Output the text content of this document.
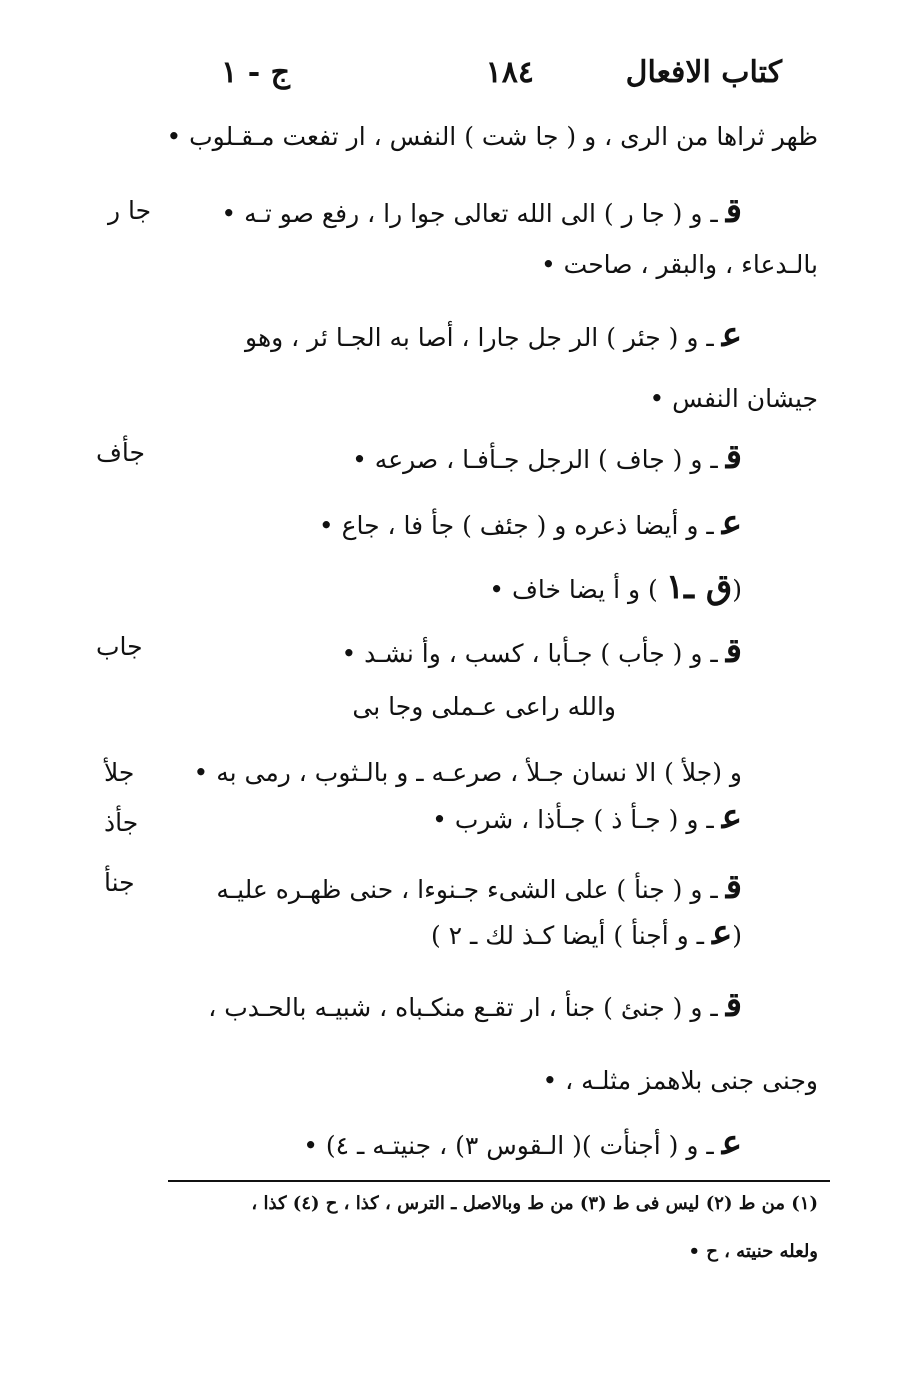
كتاب الافعال
١٨٤
ج - ١
ظهر ثراها من الرى ، و ( جا شت ) النفس ، ار تفعت مـقـلوب •
قـ و ( جا ر ) الى الله تعالى جوا را ، رفع صو تـه •
بالـدعاء ، والبقر ، صاحت •
عـ و ( جئر ) الر جل جارا ، أصا به الجـا ئر ، وهو
جيشان النفس •
قـ و ( جاف ) الرجل جـأفـا ، صرعه •
عـ و أيضا ذعره و ( جئف ) جأ فا ، جاع •
(ق ـ١) و أ يضا خاف •
قـ و ( جأب ) جـأبا ، كسب ، وأ نشـد •
والله راعى عـملى وجا بى
و (جلأ ) الا نسان جـلأ ، صرعـه ـ و بالـثوب ، رمى به •
عـ و ( جـأ ذ ) جـأذا ، شرب •
قـ و ( جنأ ) على الشىء جـنوءا ، حنى ظهـره عليـه
(عـ و أجنأ ) أيضا كـذ لك ـ ٢ )
قـ و ( جنئ ) جنأ ، ار تقـع منكـباه ، شبيـه بالحـدب ،
وجنى جنى بلاهمز مثلـه ، •
عـ و ( أجنأت )( الـقوس ٣) ، جنيتـه ـ ٤) •
جا ر
جأف
جاب
جلأ
جأذ
جنأ
(١) من ط (٢) ليس فى ط (٣) من ط وبالاصل ـ الترس ، كذا ، ح (٤) كذا ،
ولعله حنيته ، ح •
